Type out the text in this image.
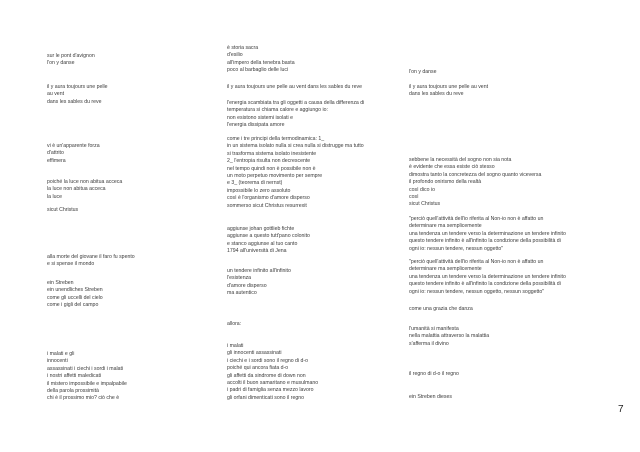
sur le pont d'avignon
l'on y danse
il y aura toujours une pelle
au vent
dans les sables du reve
vi è un'apparente forza
d'attrito
effimera
poiché la luce non abitua acceca
la luce non abitua acceca
la luce
sicut Christus
alla morte del giovane il faro fu spento
e si spense il mondo
ein Streben
ein unendliches Streben
come gli uccelli del cielo
come i gigli del campo
i malati e gli
innocenti
assassinati i ciechi i sordi i malati
i nostri affetti maledicati
il mistero impossibile e impalpabile
della parola prossimità
chi è il prossimo mio? ciò che è
è storia sacra
d'esilio
all'impero della tenebra basta
poco al barbaglio delle luci
il y aura toujours une pelle au vent dans les sables du reve
l'energia scambiata tra gli oggetti a causa della differenza di
temperatura si chiama calore e aggiungo io:
non esistono sistemi isolati e
l'energia dissipata amore
come i tre principi della termodinamica: 1_
in un sistema isolato nulla si crea nulla si distrugge ma tutto
si trasforma sistema isolato inesistente
2_ l'entropia risulta non decrescente
nel tempo quindi non è possibile non è
un moto perpetuo movimento per sempre
e 3_ (teorema di nernst)
impossibile lo zero assoluto
così è l'organismo d'amore disperso
sommerso sicut Christus resurrexit
aggiunse johan gottlieb fichte
aggiunse a questo tutt'pano colonito
e stanco aggiunse al tuo canto
1794 all'università di Jena
un tendere infinito all'infinito
l'esistenza
d'amore disperso
ma autentico
allora:
i malati
gli innocenti assassinati
i ciechi e i sordi sono il regno di d-o
poiché qui ancora fiata d-o
gli affetti da sindrome di down non
accolti il buon samaritano e musulmano
i padri di famiglia senza mezzo lavoro
gli orfani dimenticati sono il regno
l'on y danse
il y aura toujours une pelle au vent
dans les sables du reve
sebbene la necessità del sogno non sia nota
è evidente che essa esiste ciò stesso
dimostra tanto la concretezza del sogno quanto viceversa
il profondo onirismo della realtà
così dico io
così
sicut Christus
"perciò quell'attività dell'io riferita al Non-io non è affatto un
determinare ma semplicemente
una tendenza un tendere verso la determinazione un tendere infinito
questo tendere infinito è all'infinito la condizione della possibilità di
ogni io: nessun tendere, nessun oggetto"
"perciò quell'attività dell'io riferita al Non-io non è affatto un
determinare ma semplicemente
una tendenza un tendere verso la determinazione un tendere infinito
questo tendere infinito è all'infinito la condizione della possibilità di
ogni io: nessun tendere, nessun oggetto, nessun soggetto"
come una grazia che danza
l'umanità si manifesta
nella malattia attraverso la malattia
s'afferma il divino
il regno di d-o il regno
ein Streben dieses
7
